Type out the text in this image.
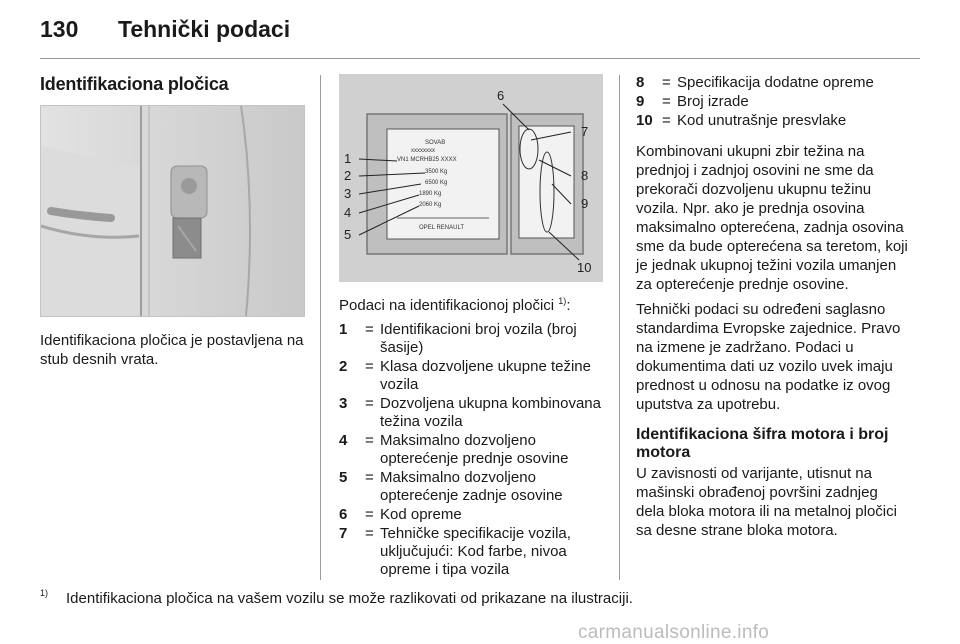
130	Tehnički podaci
Identifikaciona pločica

Identifikaciona pločica je postavljena na stub desnih vrata.

SOVAB
xxxxxxxx
VN1 MCRHB25 XXXX
3500 Kg
6500 Kg
1890 Kg
2060 Kg
OPEL RENAULT
1
2
3
4
5
6
7
8
9
10

Podaci na identifikacionoj pločici $^{1)}$:

1	= Identifikacioni broj vozila (broj šasije)
2	= Klasa dozvoljene ukupne težine vozila
3	= Dozvoljena ukupna kombinovana težina vozila
4	= Maksimalno dozvoljeno opterećenje prednje osovine
5	= Maksimalno dozvoljeno opterećenje zadnje osovine
6	= Kod opreme
7	= Tehničke specifikacije vozila, uključujući: Kod farbe, nivoa opreme i tipa vozila
8	= Specifikacija dodatne opreme
9	= Broj izrade
10 = Kod unutrašnje presvlake

Kombinovani ukupni zbir težina na prednjoj i zadnjoj osovini ne sme da prekorači dozvoljenu ukupnu težinu vozila. Npr. ako je prednja osovina maksimalno opterećena, zadnja osovina sme da bude opterećena sa teretom, koji je jednak ukupnoj težini vozila umanjen za opterećenje prednje osovine.

Tehnički podaci su određeni saglasno standardima Evropske zajednice. Pravo na izmene je zadržano. Podaci u dokumentima dati uz vozilo uvek imaju prednost u odnosu na podatke iz ovog uputstva za upotrebu.

Identifikaciona šifra motora i broj motora

U zavisnosti od varijante, utisnut na mašinski obrađenoj površini zadnjeg dela bloka motora ili na metalnoj pločici sa desne strane bloka motora.

1)	Identifikaciona pločica na vašem vozilu se može razlikovati od prikazane na ilustraciji.
carmanualsonline.info
